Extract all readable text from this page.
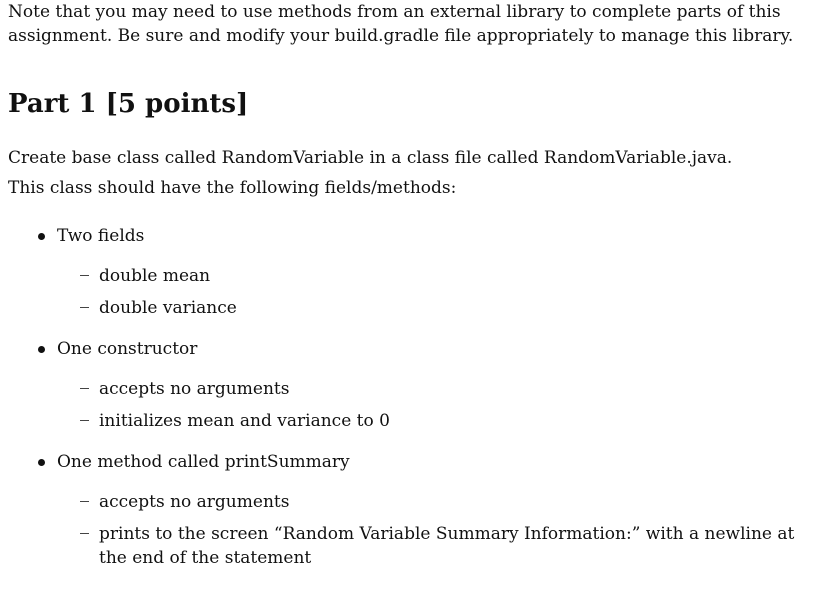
Note that you may need to use methods from an external library to complete parts of this assignment. Be sure and modify your build.gradle file appropriately to manage this library.

Part 1 [5 points]

Create base class called RandomVariable in a class file called RandomVariable.java.

This class should have the following fields/methods:

Two fields
double mean
double variance
One constructor
accepts no arguments
initializes mean and variance to 0
One method called printSummary
accepts no arguments
prints to the screen “Random Variable Summary Information:” with a newline at the end of the statement
